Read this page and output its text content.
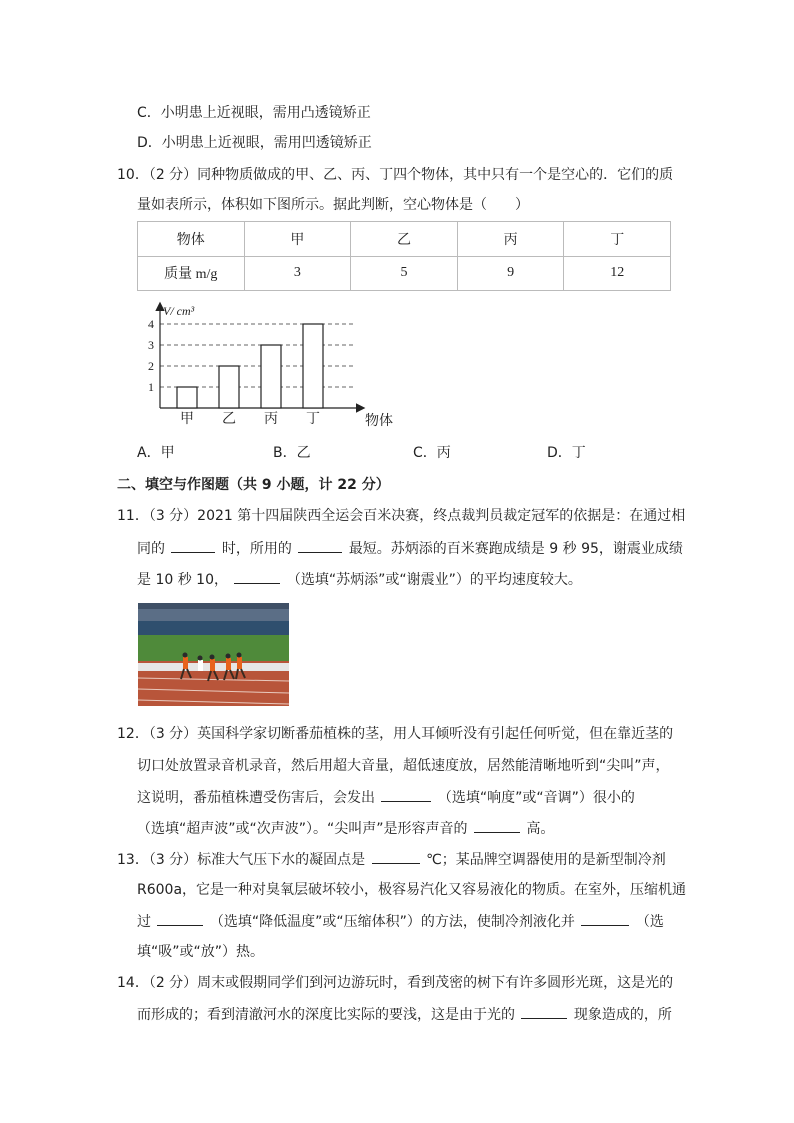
C．小明患上近视眼，需用凸透镜矫正
D．小明患上近视眼，需用凹透镜矫正
10．（2 分）同种物质做成的甲、乙、丙、丁四个物体，其中只有一个是空心的．它们的质
量如表所示，体积如下图所示。据此判断，空心物体是（　　）
物体	甲	乙	丙	丁
质量 m/g	3	5	9	12
V/ cm³
物体
1
2
3
4
甲 乙 丙 丁
A．甲	B．乙	C．丙	D．丁
二、填空与作图题（共 9 小题，计 22 分）
11．（3 分）2021 第十四届陕西全运会百米决赛，终点裁判员裁定冠军的依据是：在通过相
同的	时，所用的	最短。苏炳添的百米赛跑成绩是 9 秒 95，谢震业成绩
是 10 秒 10，	（选填“苏炳添”或“谢震业”）的平均速度较大。
12．（3 分）英国科学家切断番茄植株的茎，用人耳倾听没有引起任何听觉，但在靠近茎的
切口处放置录音机录音，然后用超大音量，超低速度放，居然能清晰地听到“尖叫”声，
这说明，番茄植株遭受伤害后，会发出	（选填“响度”或“音调”）很小的
（选填“超声波”或“次声波”）。“尖叫声”是形容声音的	高。
13．（3 分）标准大气压下水的凝固点是	℃；某品牌空调器使用的是新型制冷剂
R600a，它是一种对臭氧层破坏较小，极容易汽化又容易液化的物质。在室外，压缩机通
过	（选填“降低温度”或“压缩体积”）的方法，使制冷剂液化并	（选
填“吸”或“放”）热。
14．（2 分）周末或假期同学们到河边游玩时，看到茂密的树下有许多圆形光斑，这是光的
而形成的；看到清澈河水的深度比实际的要浅，这是由于光的	现象造成的，所
